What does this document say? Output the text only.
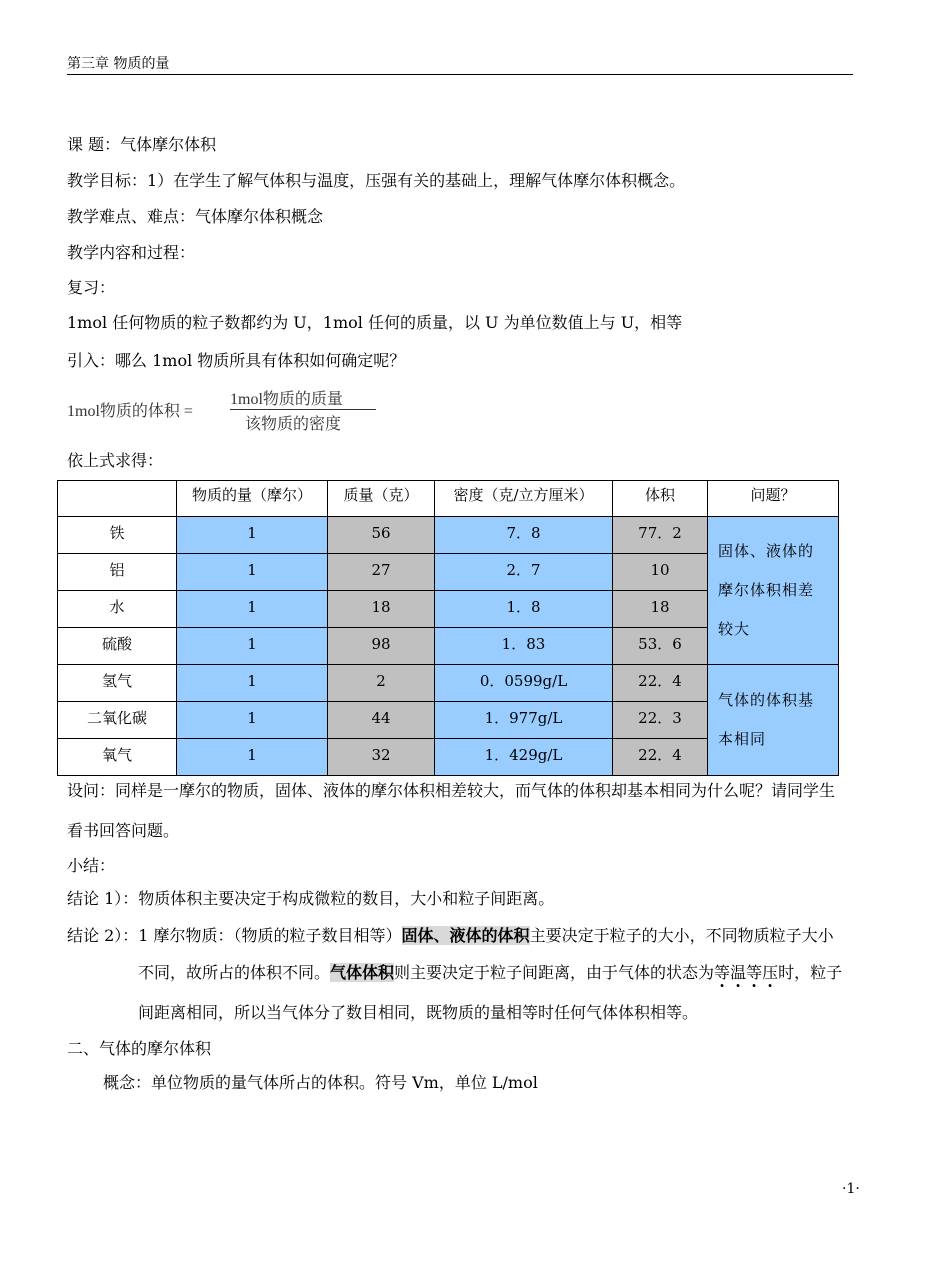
第三章 物质的量
课 题：气体摩尔体积
教学目标：1）在学生了解气体积与温度，压强有关的基础上，理解气体摩尔体积概念。
教学难点、难点：气体摩尔体积概念
教学内容和过程：
复习：
1mol 任何物质的粒子数都约为 U，1mol 任何的质量，以 U 为单位数值上与 U，相等
引入：哪么 1mol 物质所具有体积如何确定呢？
1mol物质的体积 =
1mol物质的质量
该物质的密度
依上式求得：
	物质的量（摩尔）	质量（克）	密度（克/立方厘米）	体积	问题？
铁	1	56	7．8	77．2	固体、液体的
摩尔体积相差
较大
铝	1	27	2．7	10	
水	1	18	1．8	18	
硫酸	1	98	1．83	53．6	
氢气	1	2	0．0599g/L	22．4	气体的体积基
本相同
二氧化碳	1	44	1．977g/L	22．3	
氧气	1	32	1．429g/L	22．4	
设问：同样是一摩尔的物质，固体、液体的摩尔体积相差较大，而气体的体积却基本相同为什么呢？请同学生
看书回答问题。
小结：
结论 1）：物质体积主要决定于构成微粒的数目，大小和粒子间距离。
结论 2）：1 摩尔物质：（物质的粒子数目相等）固体、液体的体积主要决定于粒子的大小，不同物质粒子大小
不同，故所占的体积不同。气体体积则主要决定于粒子间距离，由于气体的状态为等温等压时，粒子
间距离相同，所以当气体分了数目相同，既物质的量相等时任何气体体积相等。
二、气体的摩尔体积
概念：单位物质的量气体所占的体积。符号 Vm，单位 L/mol
·1·
